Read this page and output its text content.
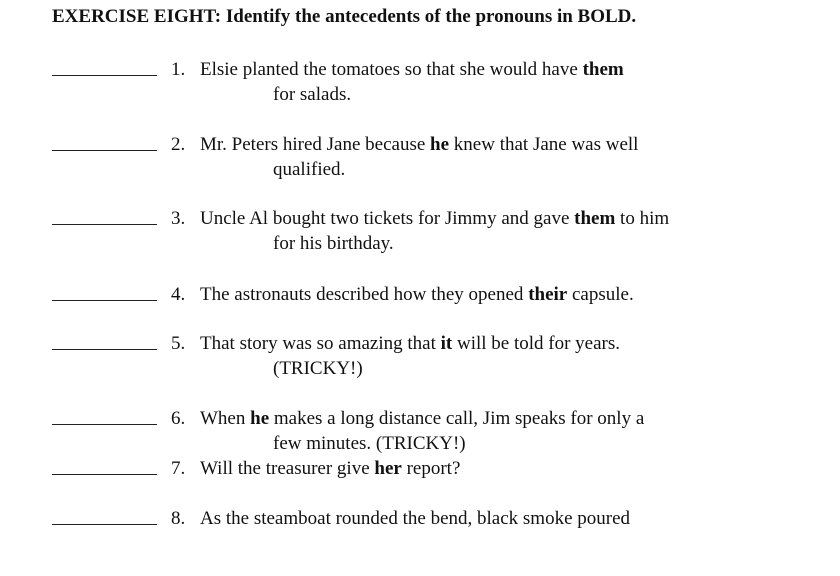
EXERCISE EIGHT: Identify the antecedents of the pronouns in BOLD.
1. Elsie planted the tomatoes so that she would have them
for salads.
2. Mr. Peters hired Jane because he knew that Jane was well
qualified.
3. Uncle Al bought two tickets for Jimmy and gave them to him
for his birthday.
4. The astronauts described how they opened their capsule.
5. That story was so amazing that it will be told for years.
(TRICKY!)
6. When he makes a long distance call, Jim speaks for only a
few minutes. (TRICKY!)
7. Will the treasurer give her report?
8. As the steamboat rounded the bend, black smoke poured
